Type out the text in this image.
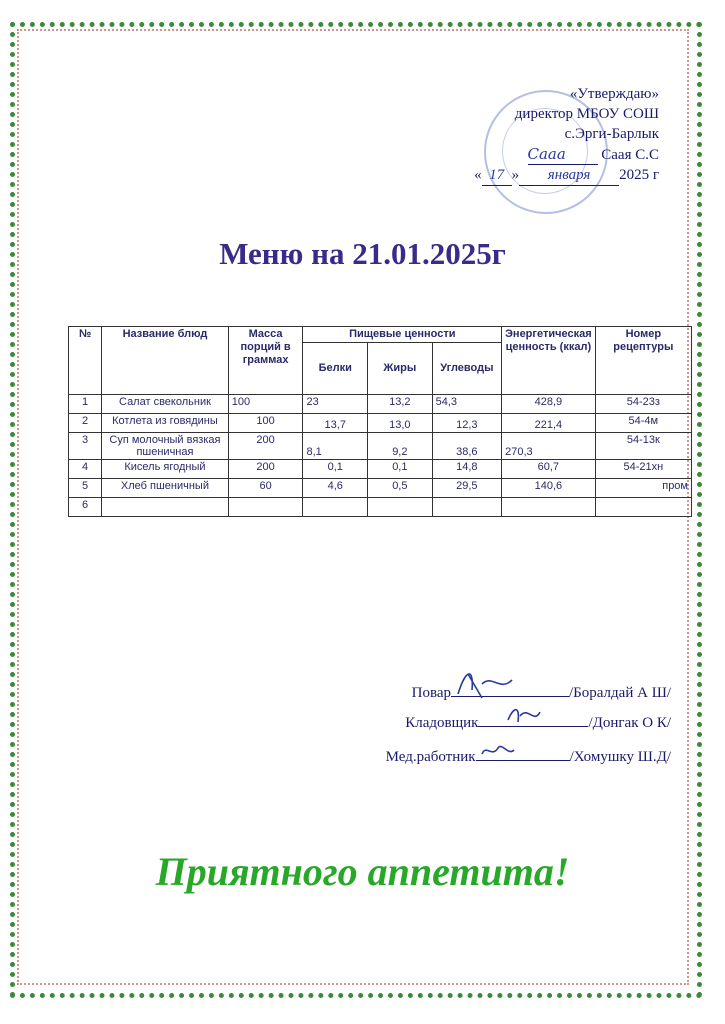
«Утверждаю»
директор МБОУ СОШ
с.Эрги-Барлык
Сааа Саая С.С
« 17 » января 2025 г
Меню на 21.01.2025г
№	Название блюд	Масса порций в граммах	Пищевые ценности			Энергетическая ценность (ккал)	Номер рецептуры
			Белки	Жиры	Углеводы		
1	Салат свекольник	100	23	13,2	54,3	428,9	54-23з
2	Котлета из говядины	100	13,7	13,0	12,3	221,4	54-4м
3	Суп молочный вязкая пшеничная	200	8,1	9,2	38,6	270,3	54-13к
4	Кисель ягодный	200	0,1	0,1	14,8	60,7	54-21хн
5	Хлеб пшеничный	60	4,6	0,5	29,5	140,6	пром
6							
Повар	/Боралдай А Ш/
Кладовщик	/Донгак О К/
Мед.работник	/Хомушку Ш.Д/
Приятного аппетита!
